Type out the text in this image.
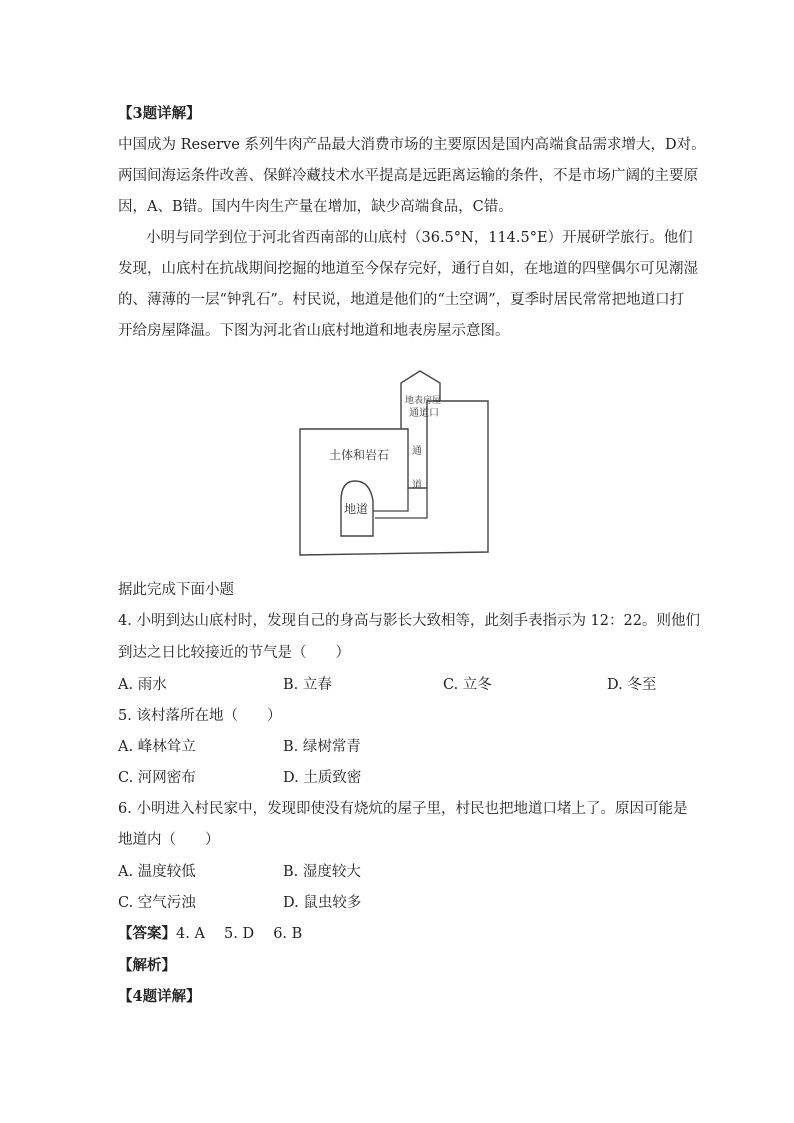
【3题详解】
中国成为 Reserve 系列牛肉产品最大消费市场的主要原因是国内高端食品需求增大，D对。
两国间海运条件改善、保鲜冷藏技术水平提高是远距离运输的条件，不是市场广阔的主要原
因，A、B错。国内牛肉生产量在增加，缺少高端食品，C错。
小明与同学到位于河北省西南部的山底村（36.5°N，114.5°E）开展研学旅行。他们
发现，山底村在抗战期间挖掘的地道至今保存完好，通行自如，在地道的四壁偶尔可见潮湿
的、薄薄的一层“钟乳石”。村民说，地道是他们的“土空调”，夏季时居民常常把地道口打
开给房屋降温。下图为河北省山底村地道和地表房屋示意图。
地表房屋
通道口
土体和岩石
地道
通
道
据此完成下面小题
4. 小明到达山底村时，发现自己的身高与影长大致相等，此刻手表指示为 12：22。则他们
到达之日比较接近的节气是（　　）
A. 雨水	B. 立春	C. 立冬	D. 冬至
5. 该村落所在地（　　）
A. 峰林耸立	B. 绿树常青
C. 河网密布	D. 土质致密
6. 小明进入村民家中，发现即使没有烧炕的屋子里，村民也把地道口堵上了。原因可能是
地道内（　　）
A. 温度较低	B. 湿度较大
C. 空气污浊	D. 鼠虫较多
【答案】4. A　 5. D　 6. B
【解析】
【4题详解】
